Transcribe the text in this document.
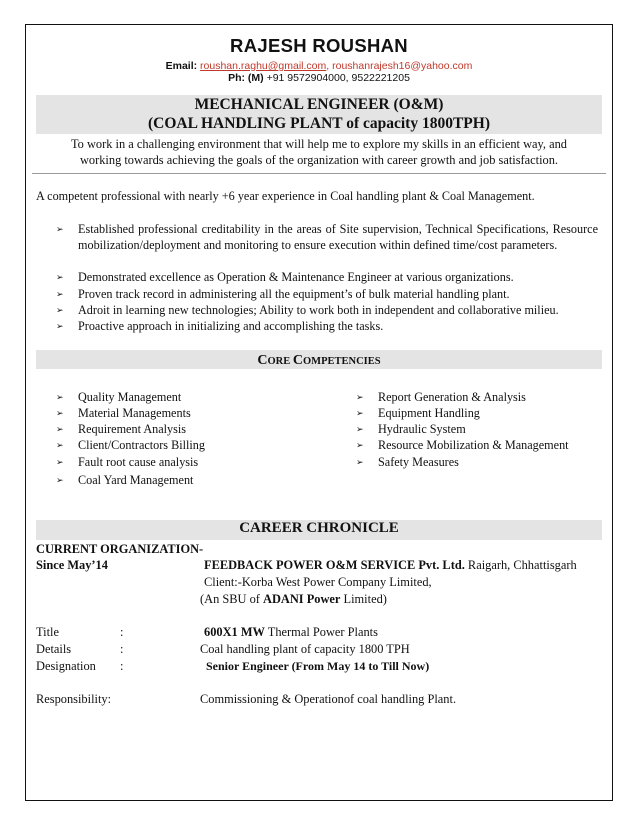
RAJESH ROUSHAN
Email: roushan.raghu@gmail.com, roushanrajesh16@yahoo.com
Ph: (M) +91 9572904000, 9522221205
MECHANICAL ENGINEER (O&M)
(COAL HANDLING PLANT of capacity 1800TPH)
To work in a challenging environment that will help me to explore my skills in an efficient way, and
working towards achieving the goals of the organization with career growth and job satisfaction.
A competent professional with nearly +6 year experience in Coal handling plant & Coal Management.
➢	Established professional creditability in the areas of Site supervision, Technical Specifications, Resource mobilization/deployment and monitoring to ensure execution within defined time/cost parameters.
➢ Demonstrated excellence as Operation & Maintenance Engineer at various organizations.
➢ Proven track record in administering all the equipment’s of bulk material handling plant.
➢ Adroit in learning new technologies; Ability to work both in independent and collaborative milieu.
➢ Proactive approach in initializing and accomplishing the tasks.
CORE COMPETENCIES
➢ Quality Management
➢ Material Managements
➢ Requirement Analysis
➢ Client/Contractors Billing
➢ Fault root cause analysis
➢ Coal Yard Management
➢ Report Generation & Analysis
➢ Equipment Handling
➢ Hydraulic System
➢ Resource Mobilization & Management
➢ Safety Measures
CAREER CHRONICLE
CURRENT ORGANIZATION-
Since May’14	FEEDBACK POWER O&M SERVICE Pvt. Ltd. Raigarh, Chhattisgarh
Client:-Korba West Power Company Limited,
(An SBU of ADANI Power Limited)
Title	:	600X1 MW Thermal Power Plants
Details	:	Coal handling plant of capacity 1800 TPH
Designation :	Senior Engineer (From May 14 to Till Now)
Responsibility:	Commissioning & Operationof coal handling Plant.
